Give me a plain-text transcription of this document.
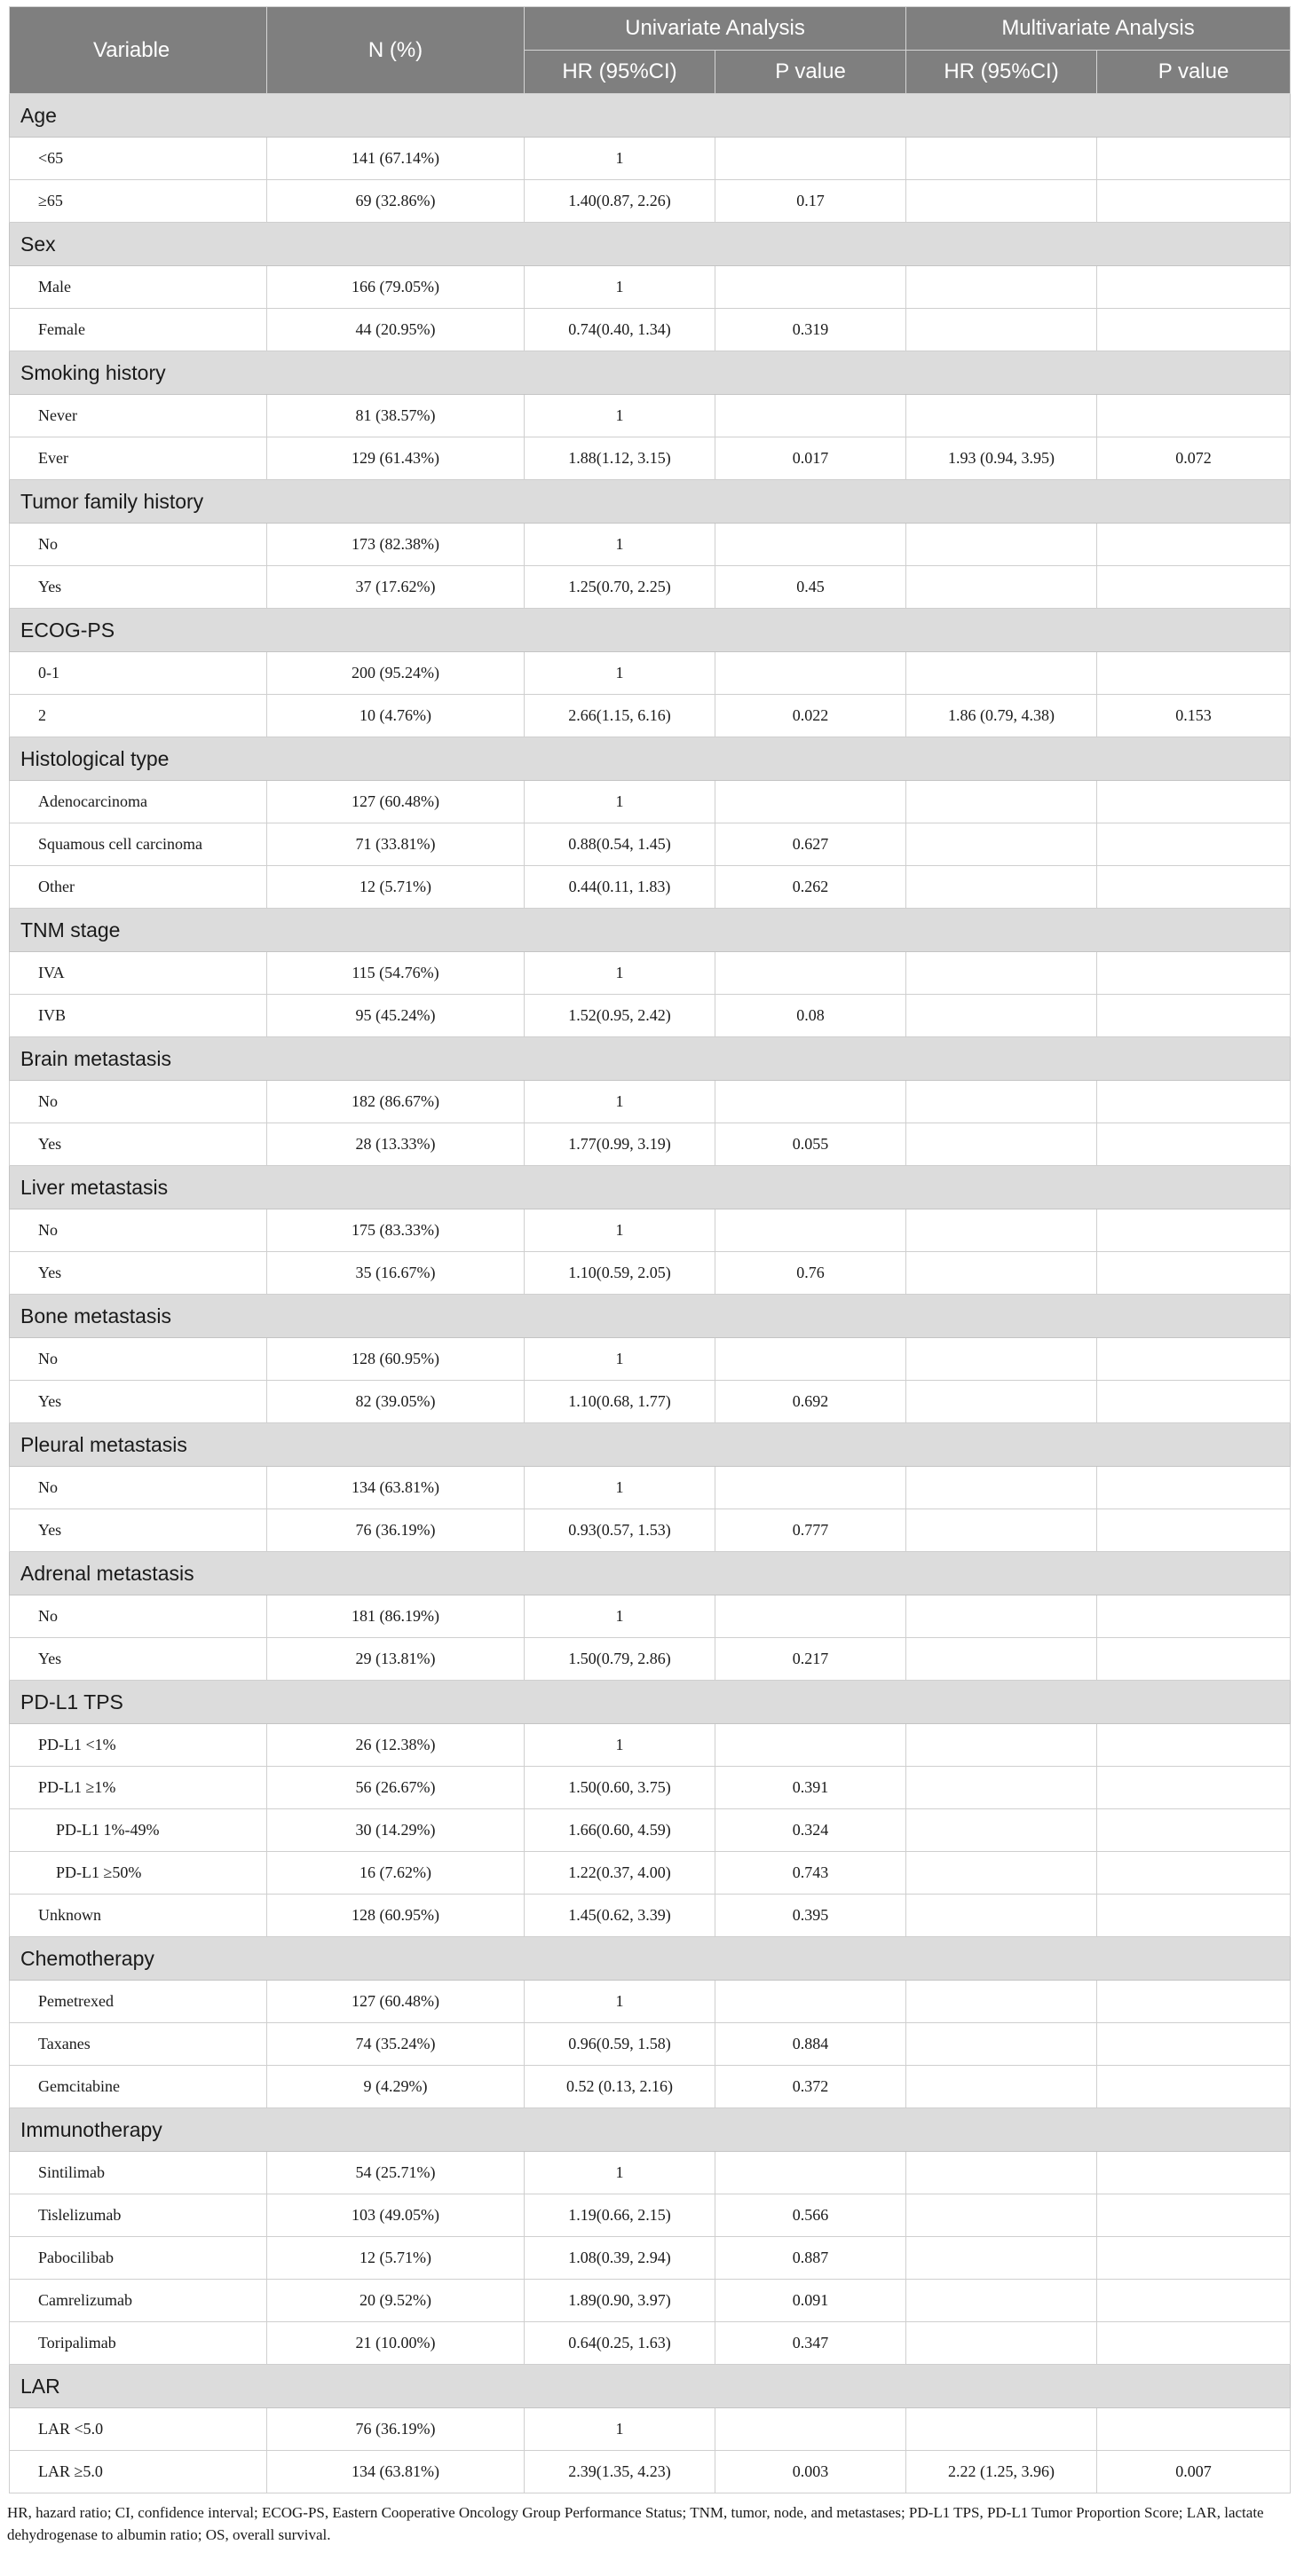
Variable	N (%)	Univariate Analysis		Multivariate Analysis	
		HR (95%CI)	P value	HR (95%CI)	P value
Age					
<65	141 (67.14%)	1			
≥65	69 (32.86%)	1.40(0.87, 2.26)	0.17		
Sex					
Male	166 (79.05%)	1			
Female	44 (20.95%)	0.74(0.40, 1.34)	0.319		
Smoking history					
Never	81 (38.57%)	1			
Ever	129 (61.43%)	1.88(1.12, 3.15)	0.017	1.93 (0.94, 3.95)	0.072
Tumor family history					
No	173 (82.38%)	1			
Yes	37 (17.62%)	1.25(0.70, 2.25)	0.45		
ECOG-PS					
0-1	200 (95.24%)	1			
2	10 (4.76%)	2.66(1.15, 6.16)	0.022	1.86 (0.79, 4.38)	0.153
Histological type					
Adenocarcinoma	127 (60.48%)	1			
Squamous cell carcinoma	71 (33.81%)	0.88(0.54, 1.45)	0.627		
Other	12 (5.71%)	0.44(0.11, 1.83)	0.262		
TNM stage					
IVA	115 (54.76%)	1			
IVB	95 (45.24%)	1.52(0.95, 2.42)	0.08		
Brain metastasis					
No	182 (86.67%)	1			
Yes	28 (13.33%)	1.77(0.99, 3.19)	0.055		
Liver metastasis					
No	175 (83.33%)	1			
Yes	35 (16.67%)	1.10(0.59, 2.05)	0.76		
Bone metastasis					
No	128 (60.95%)	1			
Yes	82 (39.05%)	1.10(0.68, 1.77)	0.692		
Pleural metastasis					
No	134 (63.81%)	1			
Yes	76 (36.19%)	0.93(0.57, 1.53)	0.777		
Adrenal metastasis					
No	181 (86.19%)	1			
Yes	29 (13.81%)	1.50(0.79, 2.86)	0.217		
PD-L1 TPS					
PD-L1 <1%	26 (12.38%)	1			
PD-L1 ≥1%	56 (26.67%)	1.50(0.60, 3.75)	0.391		
PD-L1 1%-49%	30 (14.29%)	1.66(0.60, 4.59)	0.324		
PD-L1 ≥50%	16 (7.62%)	1.22(0.37, 4.00)	0.743		
Unknown	128 (60.95%)	1.45(0.62, 3.39)	0.395		
Chemotherapy					
Pemetrexed	127 (60.48%)	1			
Taxanes	74 (35.24%)	0.96(0.59, 1.58)	0.884		
Gemcitabine	9 (4.29%)	0.52 (0.13, 2.16)	0.372		
Immunotherapy					
Sintilimab	54 (25.71%)	1			
Tislelizumab	103 (49.05%)	1.19(0.66, 2.15)	0.566		
Pabocilibab	12 (5.71%)	1.08(0.39, 2.94)	0.887		
Camrelizumab	20 (9.52%)	1.89(0.90, 3.97)	0.091		
Toripalimab	21 (10.00%)	0.64(0.25, 1.63)	0.347		
LAR					
LAR <5.0	76 (36.19%)	1			
LAR ≥5.0	134 (63.81%)	2.39(1.35, 4.23)	0.003	2.22 (1.25, 3.96)	0.007
HR, hazard ratio; CI, confidence interval; ECOG-PS, Eastern Cooperative Oncology Group Performance Status; TNM, tumor, node, and metastases; PD-L1 TPS, PD-L1 Tumor Proportion Score; LAR, lactate dehydrogenase to albumin ratio; OS, overall survival.
